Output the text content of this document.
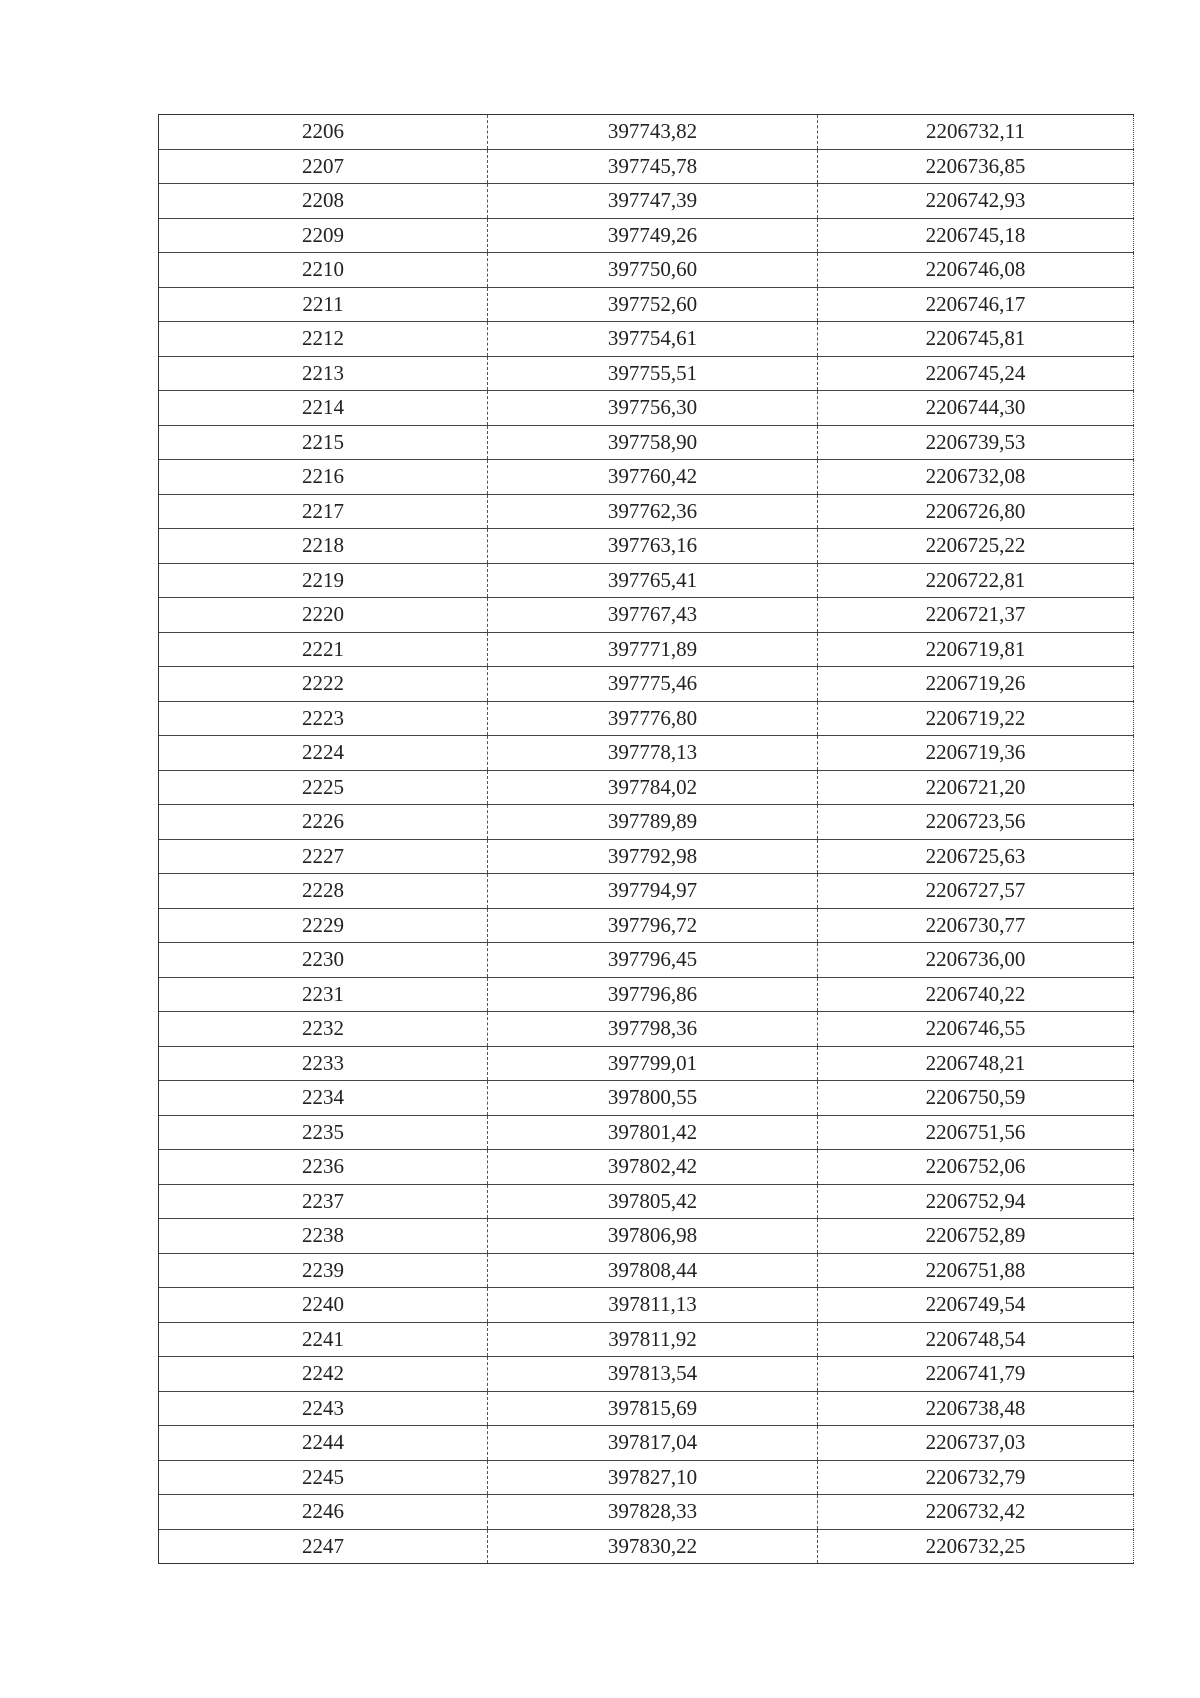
2206	397743,82	2206732,11
2207	397745,78	2206736,85
2208	397747,39	2206742,93
2209	397749,26	2206745,18
2210	397750,60	2206746,08
2211	397752,60	2206746,17
2212	397754,61	2206745,81
2213	397755,51	2206745,24
2214	397756,30	2206744,30
2215	397758,90	2206739,53
2216	397760,42	2206732,08
2217	397762,36	2206726,80
2218	397763,16	2206725,22
2219	397765,41	2206722,81
2220	397767,43	2206721,37
2221	397771,89	2206719,81
2222	397775,46	2206719,26
2223	397776,80	2206719,22
2224	397778,13	2206719,36
2225	397784,02	2206721,20
2226	397789,89	2206723,56
2227	397792,98	2206725,63
2228	397794,97	2206727,57
2229	397796,72	2206730,77
2230	397796,45	2206736,00
2231	397796,86	2206740,22
2232	397798,36	2206746,55
2233	397799,01	2206748,21
2234	397800,55	2206750,59
2235	397801,42	2206751,56
2236	397802,42	2206752,06
2237	397805,42	2206752,94
2238	397806,98	2206752,89
2239	397808,44	2206751,88
2240	397811,13	2206749,54
2241	397811,92	2206748,54
2242	397813,54	2206741,79
2243	397815,69	2206738,48
2244	397817,04	2206737,03
2245	397827,10	2206732,79
2246	397828,33	2206732,42
2247	397830,22	2206732,25
